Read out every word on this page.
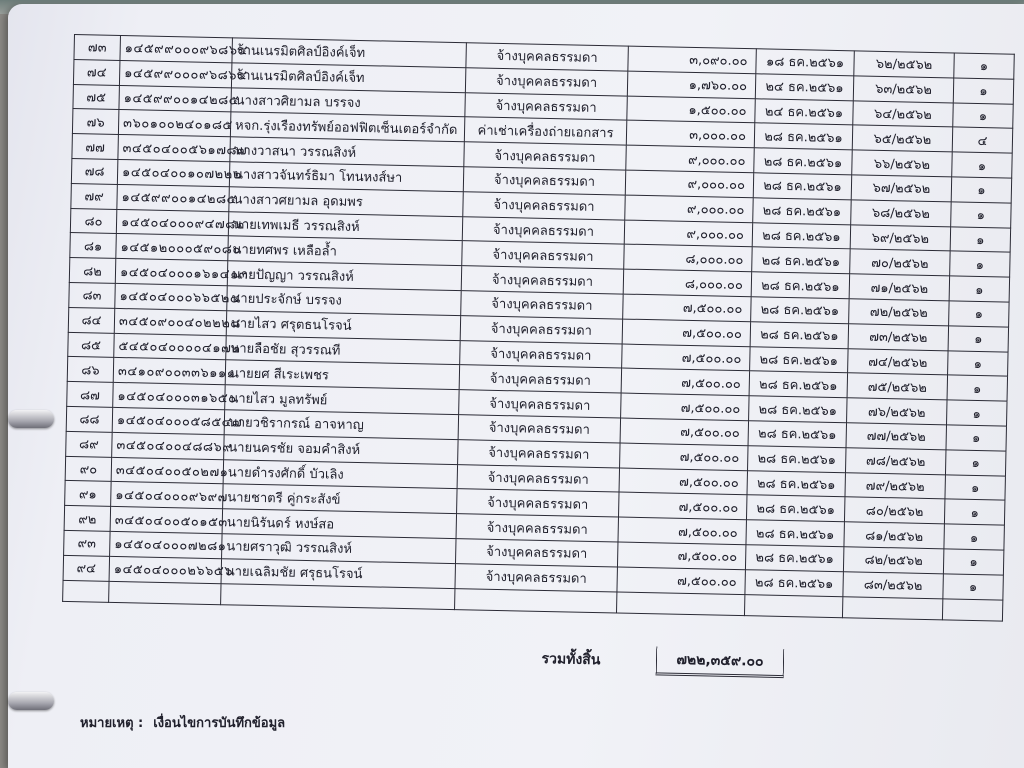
๗๓	๑๔๕๙๙๐๐๐๙๖๘๖๔	ร้านเนรมิตศิลป์อิงค์เจ็ท	จ้างบุคคลธรรมดา	๓,๐๙๐.๐๐	๑๘ ธค.๒๕๖๑	๖๒/๒๕๖๒	๑
๗๔	๑๔๕๙๙๐๐๐๙๖๘๖๔	ร้านเนรมิตศิลป์อิงค์เจ็ท	จ้างบุคคลธรรมดา	๑,๗๖๐.๐๐	๒๔ ธค.๒๕๖๑	๖๓/๒๕๖๒	๑
๗๕	๑๔๕๙๙๐๐๑๔๒๘๕	นางสาวศิยามล บรรจง	จ้างบุคคลธรรมดา	๑,๕๐๐.๐๐	๒๔ ธค.๒๕๖๑	๖๔/๒๕๖๒	๑
๗๖	๓๖๐๑๐๐๒๔๐๑๘๕	หจก.รุ่งเรืองทรัพย์ออฟฟิตเซ็นเตอร์จำกัด	ค่าเช่าเครื่องถ่ายเอกสาร	๓,๐๐๐.๐๐	๒๘ ธค.๒๕๖๑	๖๕/๒๕๖๒	๔
๗๗	๓๔๕๐๔๐๐๕๖๑๗๘๗	นางวาสนา วรรณสิงห์	จ้างบุคคลธรรมดา	๙,๐๐๐.๐๐	๒๘ ธค.๒๕๖๑	๖๖/๒๕๖๒	๑
๗๘	๑๔๕๐๔๐๐๑๐๗๒๒๒	นางสาวจันทร์ธิมา โทนหงส์ษา	จ้างบุคคลธรรมดา	๙,๐๐๐.๐๐	๒๘ ธค.๒๕๖๑	๖๗/๒๕๖๒	๑
๗๙	๑๔๕๙๙๐๐๑๔๒๘๕	นางสาวศยามล อุดมพร	จ้างบุคคลธรรมดา	๙,๐๐๐.๐๐	๒๘ ธค.๒๕๖๑	๖๘/๒๕๖๒	๑
๘๐	๑๔๕๐๔๐๐๐๙๔๗๘๒	นายเทพเมธี วรรณสิงห์	จ้างบุคคลธรรมดา	๙,๐๐๐.๐๐	๒๘ ธค.๒๕๖๑	๖๙/๒๕๖๒	๑
๘๑	๑๔๕๑๒๐๐๐๕๙๐๘๐	นายทศพร เหลือล้ำ	จ้างบุคคลธรรมดา	๘,๐๐๐.๐๐	๒๘ ธค.๒๕๖๑	๗๐/๒๕๖๒	๑
๘๒	๑๔๕๐๔๐๐๐๑๖๑๔๑๓	นายปัญญา วรรณสิงห์	จ้างบุคคลธรรมดา	๘,๐๐๐.๐๐	๒๘ ธค.๒๕๖๑	๗๑/๒๕๖๒	๑
๘๓	๑๔๕๐๔๐๐๐๖๖๕๒๔	นายประจักษ์ บรรจง	จ้างบุคคลธรรมดา	๗,๕๐๐.๐๐	๒๘ ธค.๒๕๖๑	๗๒/๒๕๖๒	๑
๘๔	๓๔๕๐๙๐๐๔๐๒๒๒๘	นายไสว ศรุตธนโรจน์	จ้างบุคคลธรรมดา	๗,๕๐๐.๐๐	๒๘ ธค.๒๕๖๑	๗๓/๒๕๖๒	๑
๘๕	๕๔๕๐๔๐๐๐๐๔๑๗๒	นายลือชัย สุวรรณที	จ้างบุคคลธรรมดา	๗,๕๐๐.๐๐	๒๘ ธค.๒๕๖๑	๗๔/๒๕๖๒	๑
๘๖	๓๔๑๐๙๐๐๓๓๖๑๑๑	นายยศ สีเระเพชร	จ้างบุคคลธรรมดา	๗,๕๐๐.๐๐	๒๘ ธค.๒๕๖๑	๗๕/๒๕๖๒	๑
๘๗	๑๔๕๐๔๐๐๐๓๑๖๕๐	นายไสว มูลทรัพย์	จ้างบุคคลธรรมดา	๗,๕๐๐.๐๐	๒๘ ธค.๒๕๖๑	๗๖/๒๕๖๒	๑
๘๘	๑๔๕๐๔๐๐๐๕๘๕๔๗	นายวชิรากรณ์ อาจหาญ	จ้างบุคคลธรรมดา	๗,๕๐๐.๐๐	๒๘ ธค.๒๕๖๑	๗๗/๒๕๖๒	๑
๘๙	๓๔๕๐๔๐๐๔๘๘๖๙	นายนครชัย จอมคำสิงห์	จ้างบุคคลธรรมดา	๗,๕๐๐.๐๐	๒๘ ธค.๒๕๖๑	๗๘/๒๕๖๒	๑
๙๐	๓๔๕๐๔๐๐๕๐๒๗๑	นายดำรงศักดิ์ บัวเลิง	จ้างบุคคลธรรมดา	๗,๕๐๐.๐๐	๒๘ ธค.๒๕๖๑	๗๙/๒๕๖๒	๑
๙๑	๑๔๕๐๔๐๐๐๙๖๙๗	นายชาตรี คู่กระสังข์	จ้างบุคคลธรรมดา	๗,๕๐๐.๐๐	๒๘ ธค.๒๕๖๑	๘๐/๒๕๖๒	๑
๙๒	๓๔๕๐๔๐๐๕๐๑๕๓	นายนิรันดร์ หงษ์สอ	จ้างบุคคลธรรมดา	๗,๕๐๐.๐๐	๒๘ ธค.๒๕๖๑	๘๑/๒๕๖๒	๑
๙๓	๑๔๕๐๔๐๐๐๗๒๘๑	นายศราวุฒิ วรรณสิงห์	จ้างบุคคลธรรมดา	๗,๕๐๐.๐๐	๒๘ ธค.๒๕๖๑	๘๒/๒๕๖๒	๑
๙๔	๑๔๕๐๔๐๐๐๒๖๖๕๖	นายเฉลิมชัย ศรุธนโรจน์	จ้างบุคคลธรรมดา	๗,๕๐๐.๐๐	๒๘ ธค.๒๕๖๑	๘๓/๒๕๖๒	๑

รวมทั้งสิ้น	๗๒๒,๓๕๙.๐๐
หมายเหตุ : เงื่อนไขการบันทึกข้อมูล
